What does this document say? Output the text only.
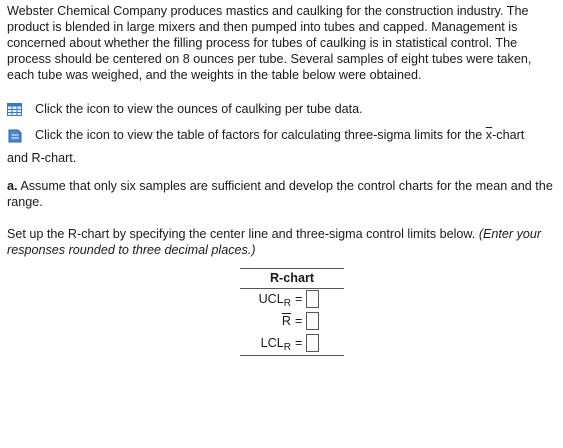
Webster Chemical Company produces mastics and caulking for the construction industry. The product is blended in large mixers and then pumped into tubes and capped. Management is concerned about whether the filling process for tubes of caulking is in statistical control. The process should be centered on 8 ounces per tube. Several samples of eight tubes were taken, each tube was weighed, and the weights in the table below were obtained.

Click the icon to view the ounces of caulking per tube data.
Click the icon to view the table of factors for calculating three-sigma limits for the $\overline{x}$-chart

and R-chart.

a. Assume that only six samples are sufficient and develop the control charts for the mean and the range.

Set up the R-chart by specifying the center line and three-sigma control limits below. (Enter your responses rounded to three decimal places.)

R-chart
$UCL_R$ =
$\overline{R}$ =
$LCL_R$ =
